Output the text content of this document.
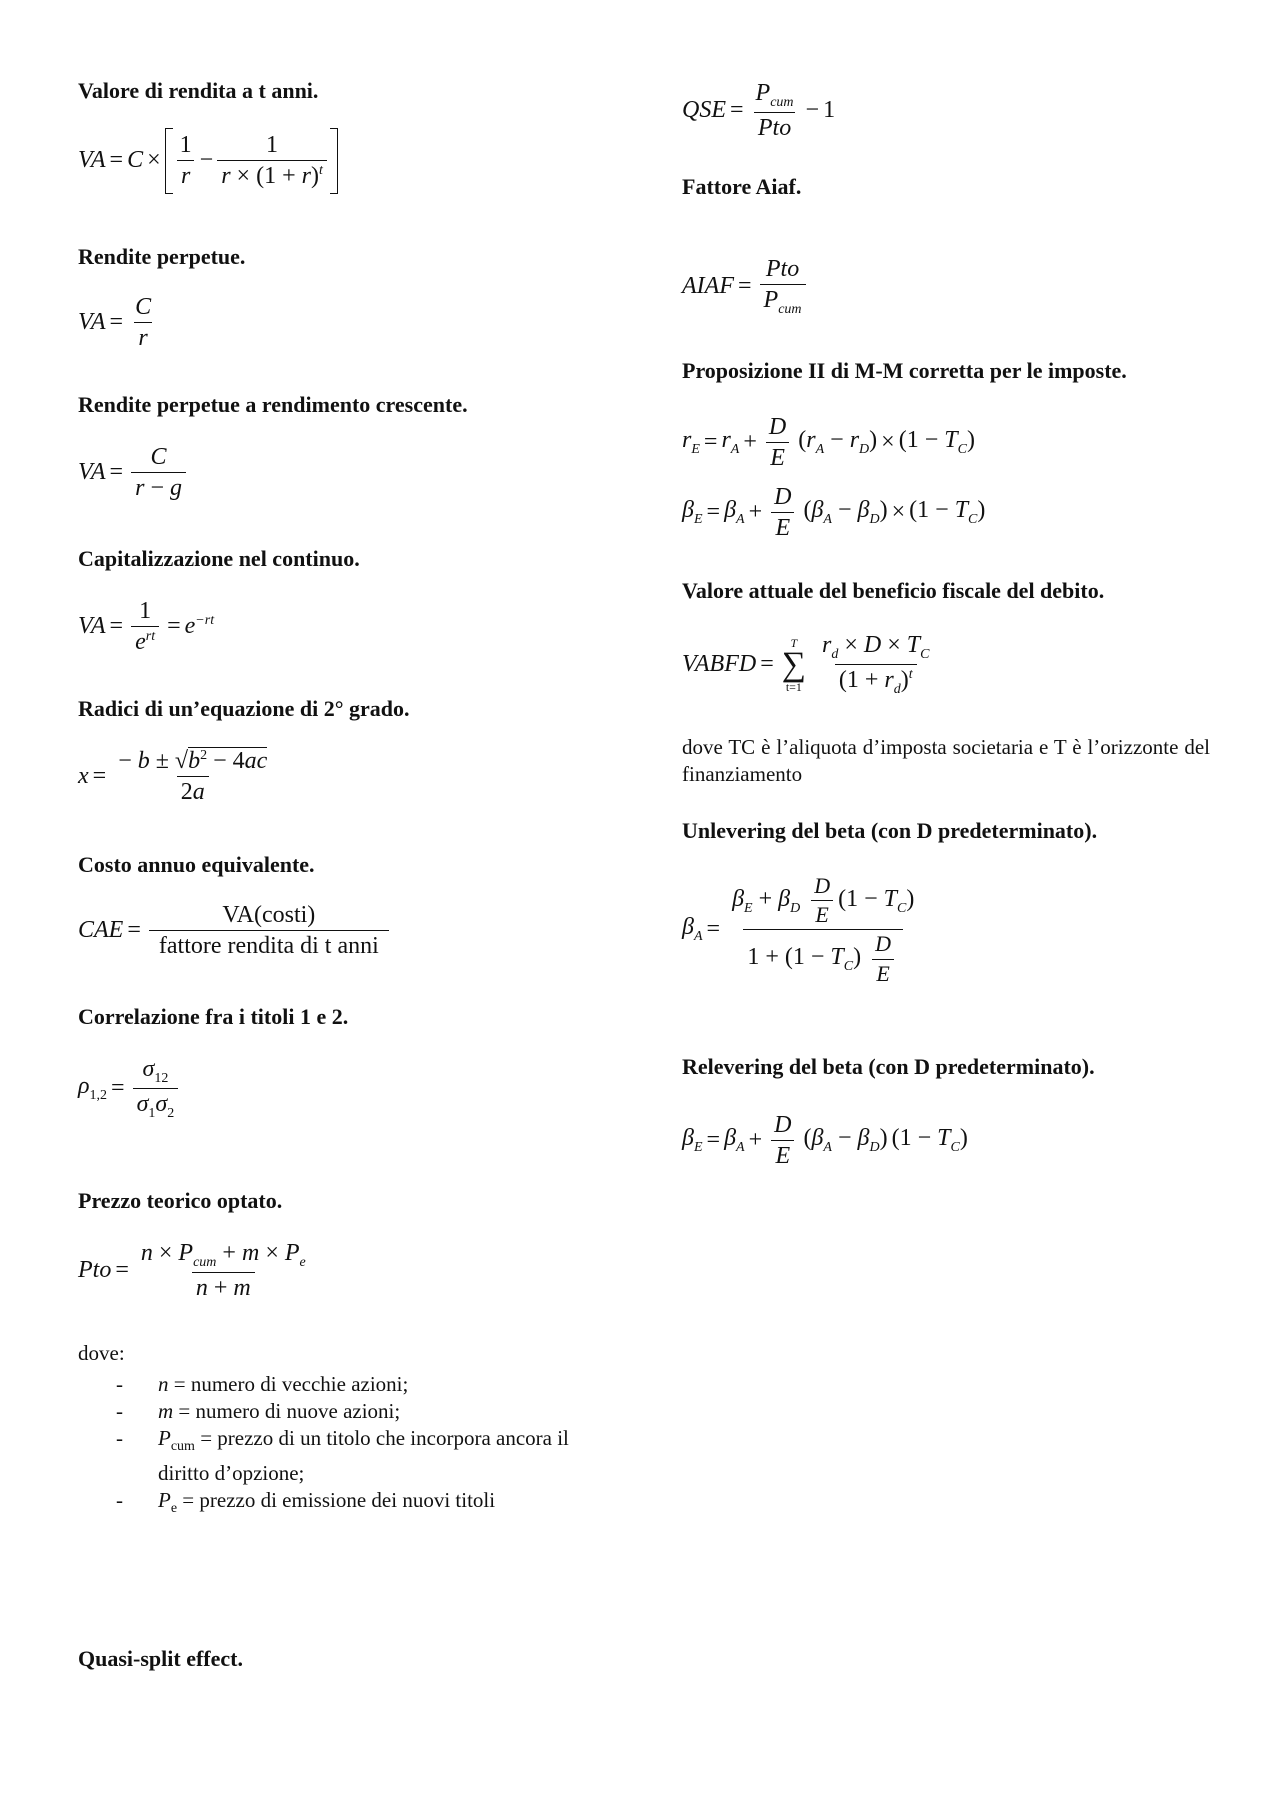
Valore di rendita a t anni.
VA = $C \times \frac{1}{r} - \frac{1}{r \times (1 + r)^t}$
Rendite perpetue.
VA = $\frac{C}{r}$
Rendite perpetue a rendimento crescente.
VA = $\frac{C}{r - g}$
Capitalizzazione nel continuo.
VA = $\frac{1}{e^{rt}} = e^{-rt}$
Radici di un’equazione di 2° grado.
$x = \frac{- b \pm √b^2 - 4ac}{2a}$
Costo annuo equivalente.
CAE = $\frac{\text{VA(costi)}}{\text{fattore rendita di t anni}}$
Correlazione fra i titoli 1 e 2.
$\rho_{1,2} = \frac{\sigma_{12}}{\sigma_1\sigma_2}$
Prezzo teorico optato.
Pto = $\frac{n \times P_{cum} + m \times P_e}{n + m}$
dove:
-	n = numero di vecchie azioni;
-	m = numero di nuove azioni;
-	$P_{cum}$ = prezzo di un titolo che incorpora ancora il diritto d’opzione;
-	$P_e$ = prezzo di emissione dei nuovi titoli
Quasi-split effect.
QSE = $\frac{P_{cum}}{\text{Pto}} - 1$
Fattore Aiaf.
AIAF = $\frac{\text{Pto}}{P_{cum}}$
Proposizione II di M-M corretta per le imposte.
$r_E = r_A + \frac{D}{E} (r_A - r_D) \times (1 - T_C)$
$\beta_E = \beta_A + \frac{D}{E} (\beta_A - \beta_D) \times (1 - T_C)$
Valore attuale del beneficio fiscale del debito.
VABFD =
T
∑
$t=1 \frac{r_d \times D \times T_C}{(1 + r_d)^t}$
dove TC è l’aliquota d’imposta societaria e T è l’orizzonte del finanziamento
Unlevering del beta (con D predeterminato).
$\beta_A = \frac{\beta_E + \beta_D \frac{D}{E} (1 - T_C)}{1 + (1 - T_C) \frac{D}{E}}$
Relevering del beta (con D predeterminato).
$\beta_E = \beta_A + \frac{D}{E} (\beta_A - \beta_D) (1 - T_C)$
